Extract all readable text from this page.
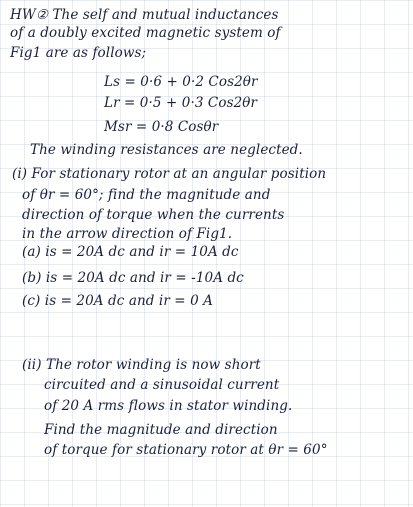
HW② The self and mutual inductances
of a doubly excited magnetic system of
Fig1 are as follows;
Ls = 0·6 + 0·2 Cos2θr
Lr = 0·5 + 0·3 Cos2θr
Msr = 0·8 Cosθr
The winding resistances are neglected.
(i) For stationary rotor at an angular position
of θr = 60°; find the magnitude and
direction of torque when the currents
in the arrow direction of Fig1.
(a) is = 20A dc and ir = 10A dc
(b) is = 20A dc and ir = -10A dc
(c) is = 20A dc and ir = 0 A
(ii) The rotor winding is now short
circuited and a sinusoidal current
of 20 A rms flows in stator winding.
Find the magnitude and direction
of torque for stationary rotor at θr = 60°
